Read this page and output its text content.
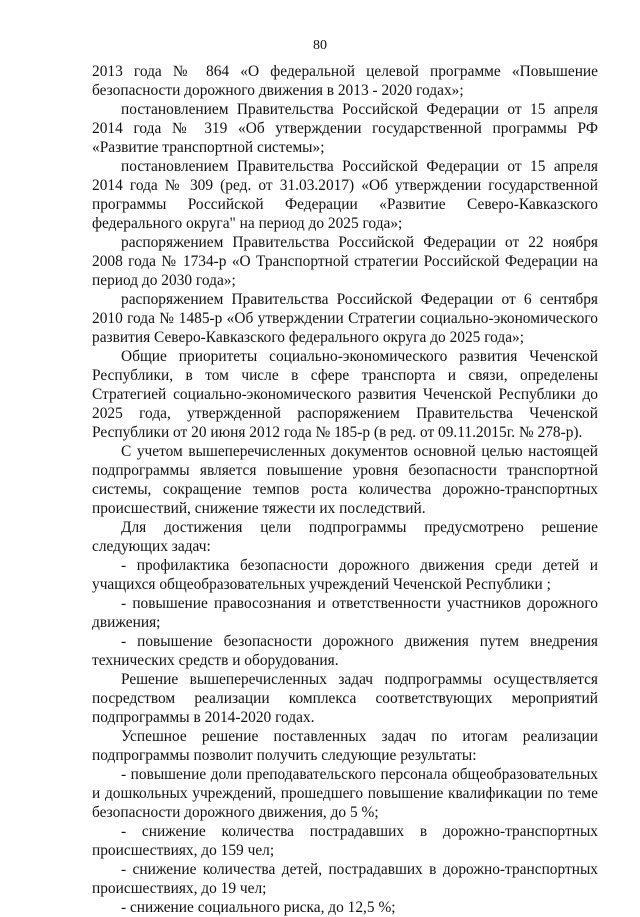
80

2013 года № 864 «О федеральной целевой программе «Повышение безопасности дорожного движения в 2013 - 2020 годах»;

постановлением Правительства Российской Федерации от 15 апреля 2014 года № 319 «Об утверждении государственной программы РФ «Развитие транспортной системы»;

постановлением Правительства Российской Федерации от 15 апреля 2014 года № 309 (ред. от 31.03.2017) «Об утверждении государственной программы Российской Федерации «Развитие Северо-Кавказского федерального округа" на период до 2025 года»;

распоряжением Правительства Российской Федерации от 22 ноября 2008 года № 1734-р «О Транспортной стратегии Российской Федерации на период до 2030 года»;

распоряжением Правительства Российской Федерации от 6 сентября 2010 года № 1485-р «Об утверждении Стратегии социально-экономического развития Северо-Кавказского федерального округа до 2025 года»;

Общие приоритеты социально-экономического развития Чеченской Республики, в том числе в сфере транспорта и связи, определены Стратегией социально-экономического развития Чеченской Республики до 2025 года, утвержденной распоряжением Правительства Чеченской Республики от 20 июня 2012 года № 185-р (в ред. от 09.11.2015г. № 278-р).

С учетом вышеперечисленных документов основной целью настоящей подпрограммы является повышение уровня безопасности транспортной системы, сокращение темпов роста количества дорожно-транспортных происшествий, снижение тяжести их последствий.

Для достижения цели подпрограммы предусмотрено решение следующих задач:

- профилактика безопасности дорожного движения среди детей и учащихся общеобразовательных учреждений Чеченской Республики ;

- повышение правосознания и ответственности участников дорожного движения;

- повышение безопасности дорожного движения путем внедрения технических средств и оборудования.

Решение вышеперечисленных задач подпрограммы осуществляется посредством реализации комплекса соответствующих мероприятий подпрограммы в 2014-2020 годах.

Успешное решение поставленных задач по итогам реализации подпрограммы позволит получить следующие результаты:

- повышение доли преподавательского персонала общеобразовательных и дошкольных учреждений, прошедшего повышение квалификации по теме безопасности дорожного движения, до 5 %;

- снижение количества пострадавших в дорожно-транспортных происшествиях, до 159 чел;

- снижение количества детей, пострадавших в дорожно-транспортных происшествиях, до 19 чел;

- снижение социального риска, до 12,5 %;
